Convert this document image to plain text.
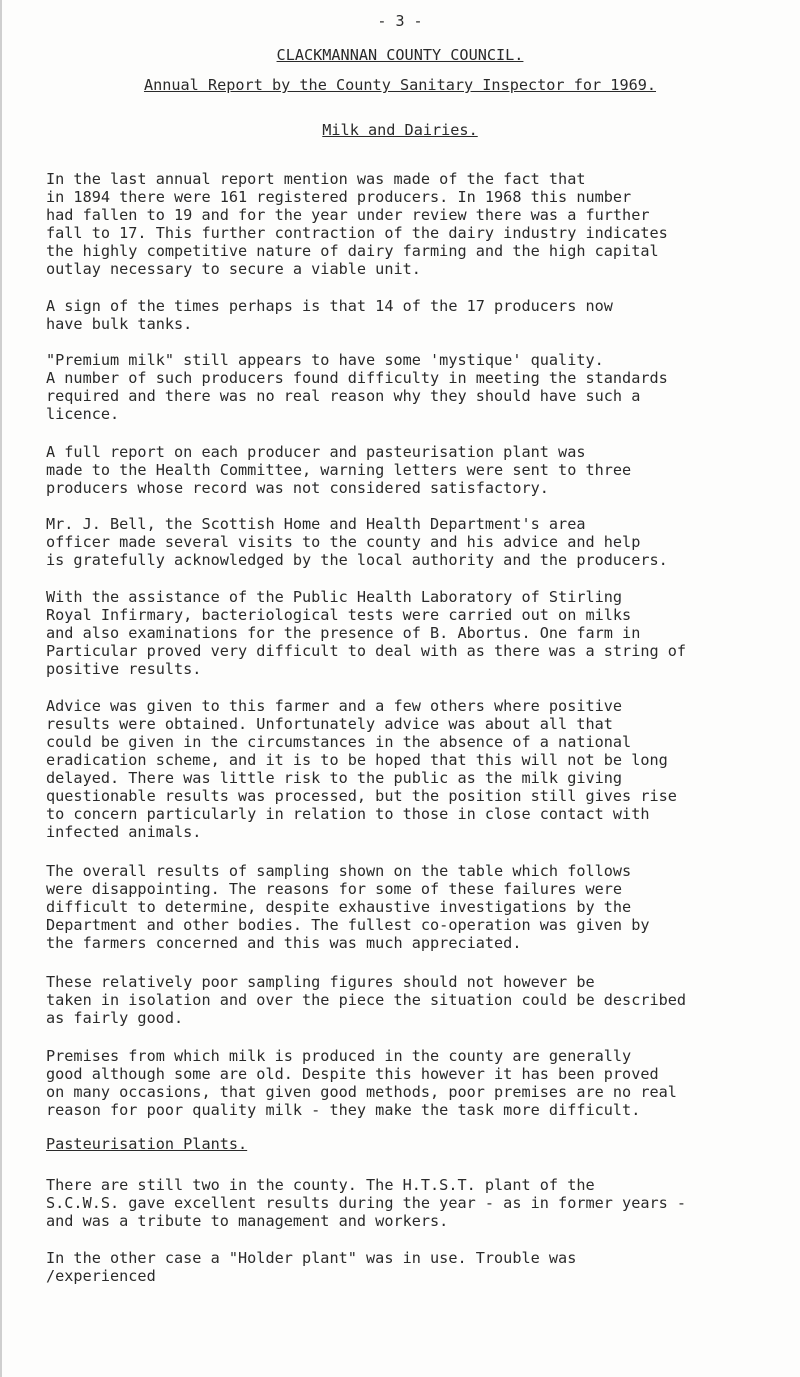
- 3 -
CLACKMANNAN COUNTY COUNCIL.
Annual Report by the County Sanitary Inspector for 1969.
Milk and Dairies.

In the last annual report mention was made of the fact that
in 1894 there were 161 registered producers. In 1968 this number
had fallen to 19 and for the year under review there was a further
fall to 17. This further contraction of the dairy industry indicates
the highly competitive nature of dairy farming and the high capital
outlay necessary to secure a viable unit.

A sign of the times perhaps is that 14 of the 17 producers now
have bulk tanks.

"Premium milk" still appears to have some 'mystique' quality.
A number of such producers found difficulty in meeting the standards
required and there was no real reason why they should have such a
licence.

A full report on each producer and pasteurisation plant was
made to the Health Committee, warning letters were sent to three
producers whose record was not considered satisfactory.

Mr. J. Bell, the Scottish Home and Health Department's area
officer made several visits to the county and his advice and help
is gratefully acknowledged by the local authority and the producers.

With the assistance of the Public Health Laboratory of Stirling
Royal Infirmary, bacteriological tests were carried out on milks
and also examinations for the presence of B. Abortus. One farm in
Particular proved very difficult to deal with as there was a string of
positive results.

Advice was given to this farmer and a few others where positive
results were obtained. Unfortunately advice was about all that
could be given in the circumstances in the absence of a national
eradication scheme, and it is to be hoped that this will not be long
delayed. There was little risk to the public as the milk giving
questionable results was processed, but the position still gives rise
to concern particularly in relation to those in close contact with
infected animals.

The overall results of sampling shown on the table which follows
were disappointing. The reasons for some of these failures were
difficult to determine, despite exhaustive investigations by the
Department and other bodies. The fullest co-operation was given by
the farmers concerned and this was much appreciated.

These relatively poor sampling figures should not however be
taken in isolation and over the piece the situation could be described
as fairly good.

Premises from which milk is produced in the county are generally
good although some are old. Despite this however it has been proved
on many occasions, that given good methods, poor premises are no real
reason for poor quality milk - they make the task more difficult.

Pasteurisation Plants.

There are still two in the county. The H.T.S.T. plant of the
S.C.W.S. gave excellent results during the year - as in former years -
and was a tribute to management and workers.

In the other case a "Holder plant" was in use. Trouble was

/experienced
